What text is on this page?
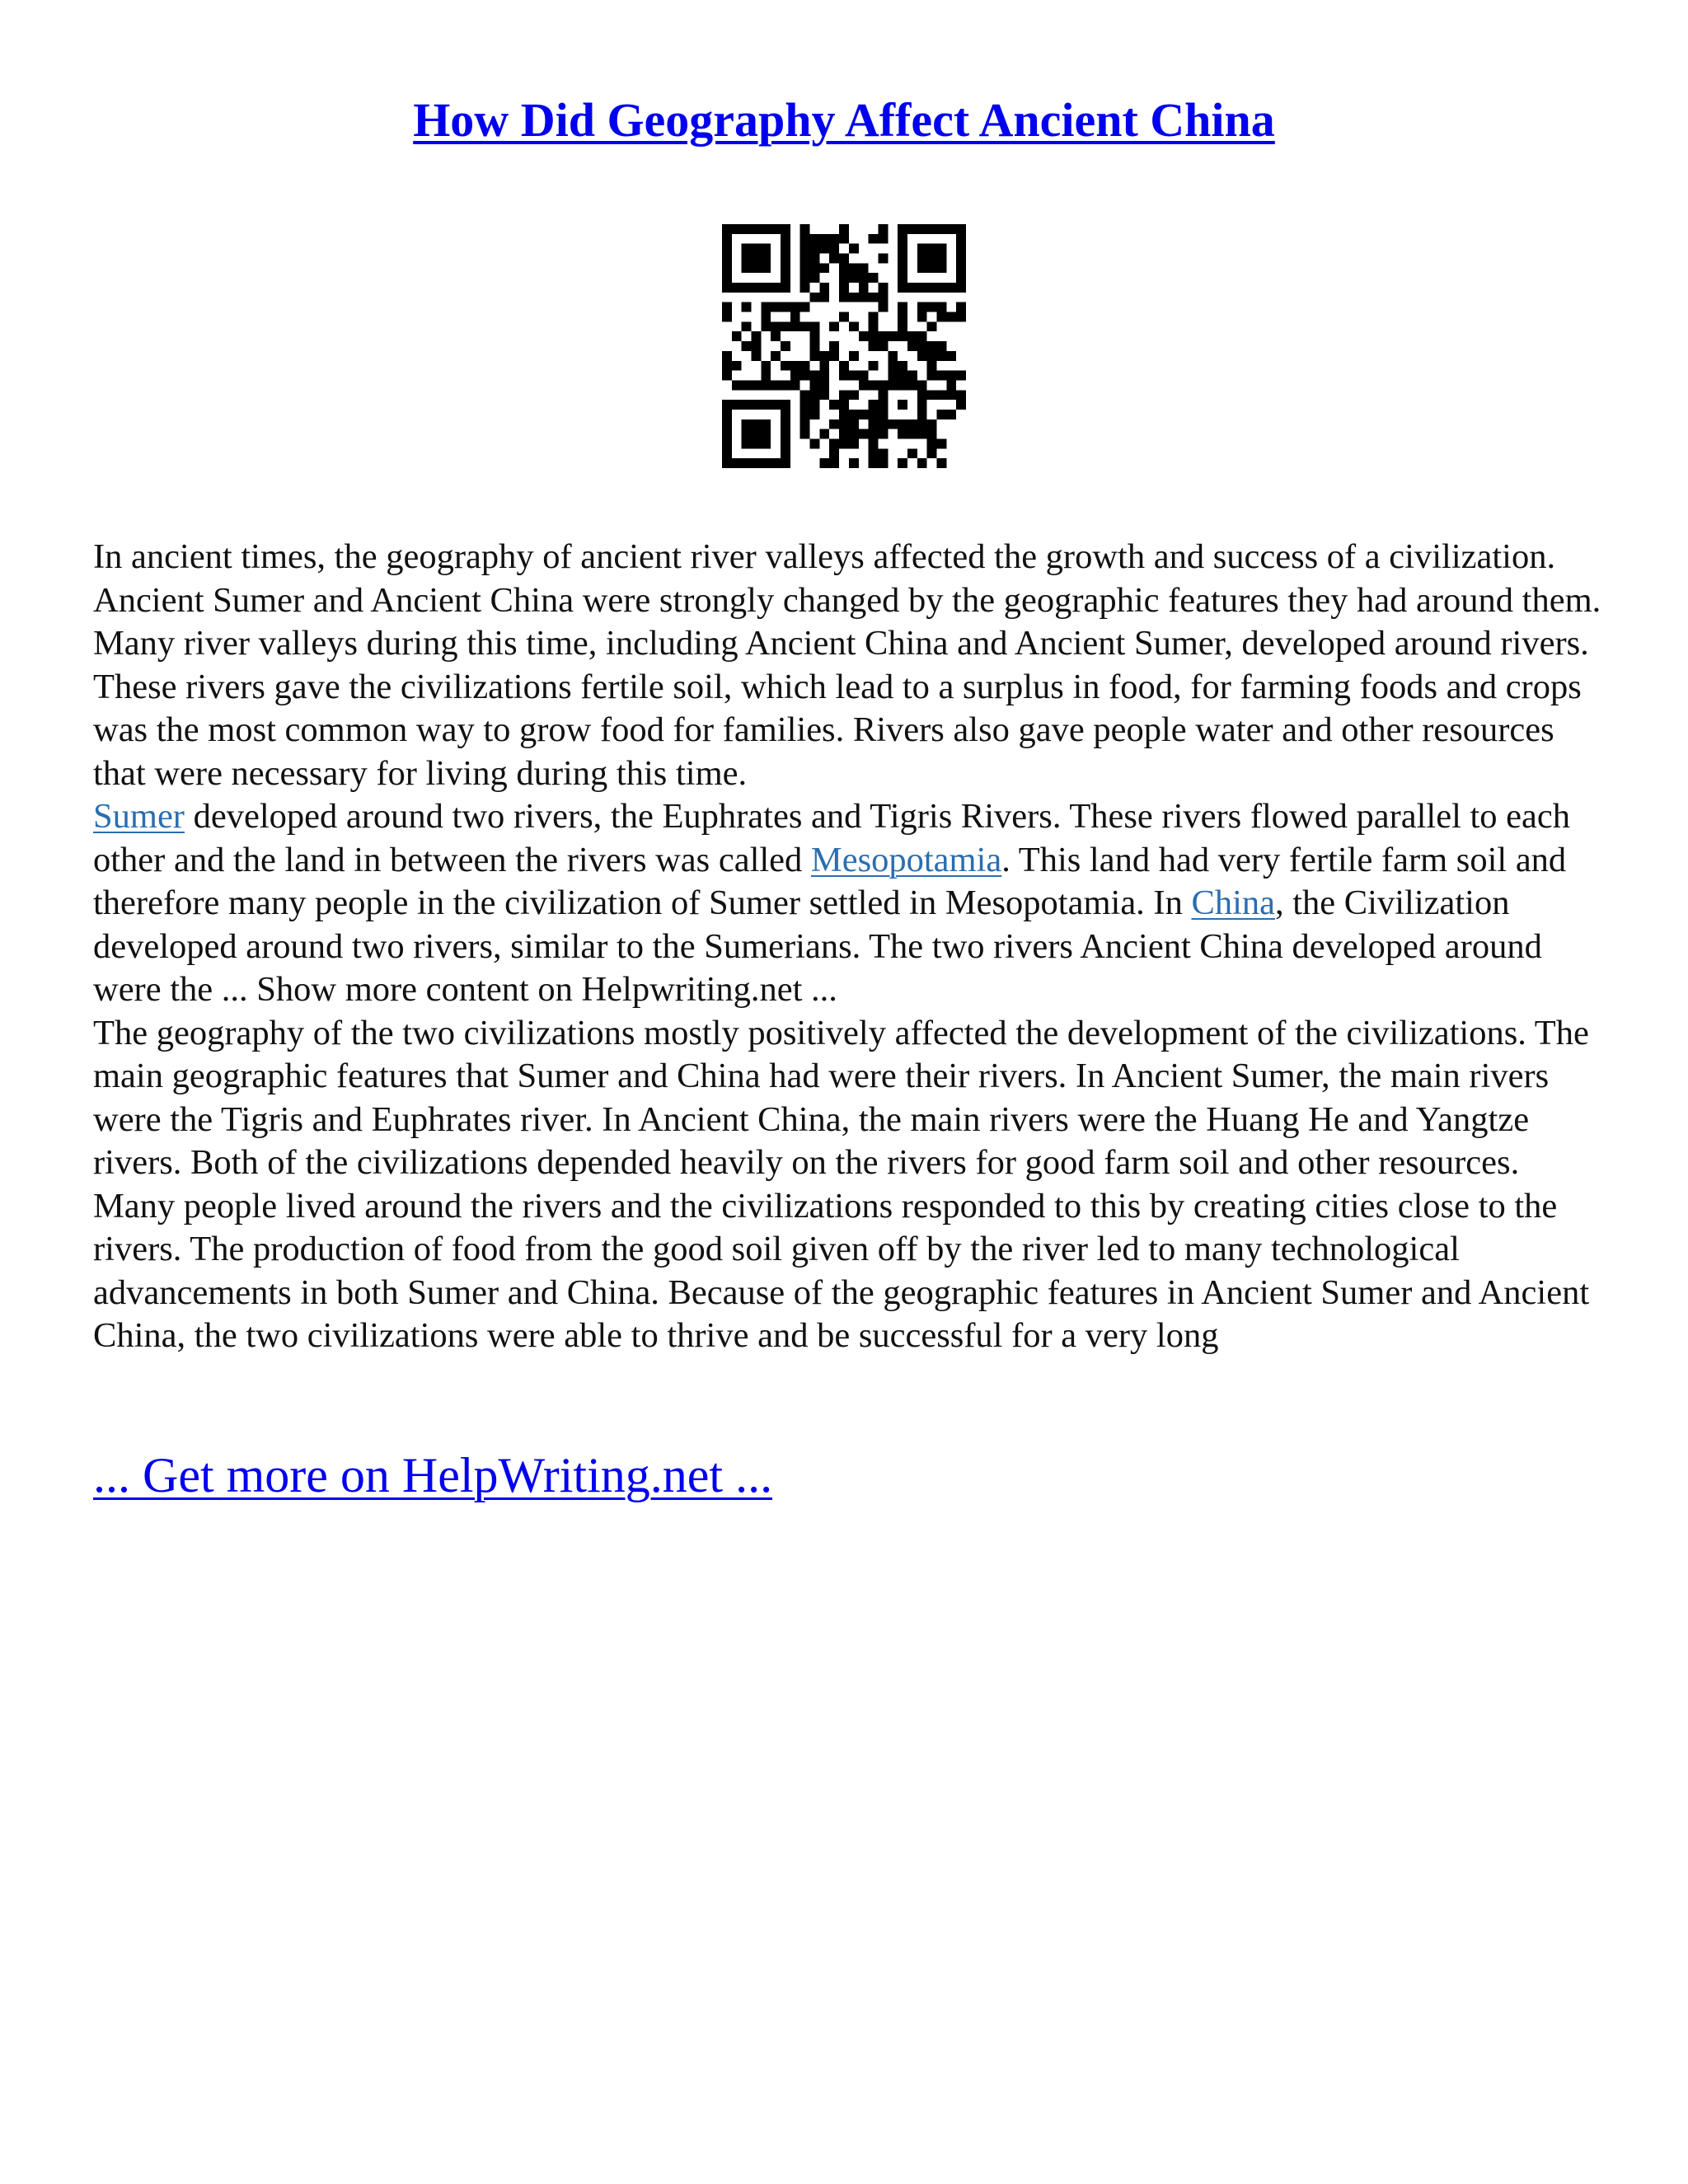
How Did Geography Affect Ancient China

In ancient times, the geography of ancient river valleys affected the growth and success of a civilization. Ancient Sumer and Ancient China were strongly changed by the geographic features they had around them. Many river valleys during this time, including Ancient China and Ancient Sumer, developed around rivers. These rivers gave the civilizations fertile soil, which lead to a surplus in food, for farming foods and crops was the most common way to grow food for families. Rivers also gave people water and other resources that were necessary for living during this time.
Sumer developed around two rivers, the Euphrates and Tigris Rivers. These rivers flowed parallel to each other and the land in between the rivers was called Mesopotamia. This land had very fertile farm soil and therefore many people in the civilization of Sumer settled in Mesopotamia. In China, the Civilization developed around two rivers, similar to the Sumerians. The two rivers Ancient China developed around were the ... Show more content on Helpwriting.net ...

The geography of the two civilizations mostly positively affected the development of the civilizations. The main geographic features that Sumer and China had were their rivers. In Ancient Sumer, the main rivers were the Tigris and Euphrates river. In Ancient China, the main rivers were the Huang He and Yangtze rivers. Both of the civilizations depended heavily on the rivers for good farm soil and other resources. Many people lived around the rivers and the civilizations responded to this by creating cities close to the rivers. The production of food from the good soil given off by the river led to many technological advancements in both Sumer and China. Because of the geographic features in Ancient Sumer and Ancient China, the two civilizations were able to thrive and be successful for a very long

... Get more on HelpWriting.net ...
